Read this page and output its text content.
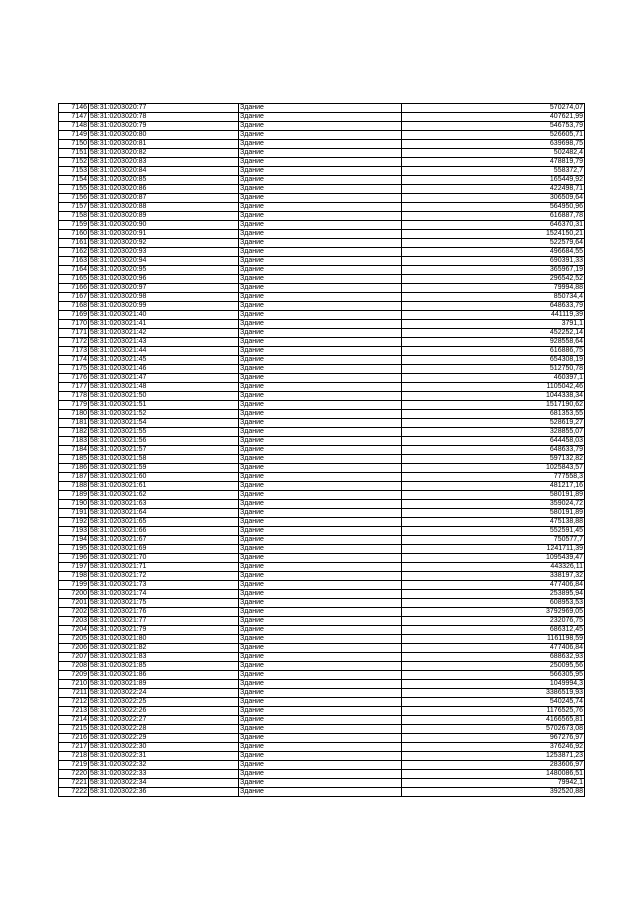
7146	58:31:0203020:77	Здание	570274,07
7147	58:31:0203020:78	Здание	407621,99
7148	58:31:0203020:79	Здание	546753,79
7149	58:31:0203020:80	Здание	526605,71
7150	58:31:0203020:81	Здание	639698,75
7151	58:31:0203020:82	Здание	502482,4
7152	58:31:0203020:83	Здание	478819,79
7153	58:31:0203020:84	Здание	558372,7
7154	58:31:0203020:85	Здание	165449,92
7155	58:31:0203020:86	Здание	422498,71
7156	58:31:0203020:87	Здание	306509,64
7157	58:31:0203020:88	Здание	564950,96
7158	58:31:0203020:89	Здание	616887,78
7159	58:31:0203020:90	Здание	646370,31
7160	58:31:0203020:91	Здание	1524150,21
7161	58:31:0203020:92	Здание	522579,64
7162	58:31:0203020:93	Здание	496684,55
7163	58:31:0203020:94	Здание	690391,33
7164	58:31:0203020:95	Здание	365967,19
7165	58:31:0203020:96	Здание	296542,52
7166	58:31:0203020:97	Здание	79994,88
7167	58:31:0203020:98	Здание	850734,4
7168	58:31:0203020:99	Здание	648633,79
7169	58:31:0203021:40	Здание	441119,39
7170	58:31:0203021:41	Здание	3791,1
7171	58:31:0203021:42	Здание	452252,14
7172	58:31:0203021:43	Здание	928558,64
7173	58:31:0203021:44	Здание	616886,75
7174	58:31:0203021:45	Здание	654308,19
7175	58:31:0203021:46	Здание	512750,78
7176	58:31:0203021:47	Здание	460397,1
7177	58:31:0203021:48	Здание	1105042,46
7178	58:31:0203021:50	Здание	1044338,34
7179	58:31:0203021:51	Здание	1517190,62
7180	58:31:0203021:52	Здание	681353,55
7181	58:31:0203021:54	Здание	528619,27
7182	58:31:0203021:55	Здание	328855,07
7183	58:31:0203021:56	Здание	644458,03
7184	58:31:0203021:57	Здание	648633,79
7185	58:31:0203021:58	Здание	597132,82
7186	58:31:0203021:59	Здание	1025843,57
7187	58:31:0203021:60	Здание	777558,3
7188	58:31:0203021:61	Здание	481217,16
7189	58:31:0203021:62	Здание	580191,89
7190	58:31:0203021:63	Здание	359024,72
7191	58:31:0203021:64	Здание	580191,89
7192	58:31:0203021:65	Здание	475138,88
7193	58:31:0203021:66	Здание	552591,45
7194	58:31:0203021:67	Здание	750577,7
7195	58:31:0203021:69	Здание	1241711,39
7196	58:31:0203021:70	Здание	1095439,47
7197	58:31:0203021:71	Здание	443326,11
7198	58:31:0203021:72	Здание	338197,32
7199	58:31:0203021:73	Здание	477406,84
7200	58:31:0203021:74	Здание	253895,94
7201	58:31:0203021:75	Здание	608953,53
7202	58:31:0203021:76	Здание	3792969,05
7203	58:31:0203021:77	Здание	232076,75
7204	58:31:0203021:79	Здание	686312,45
7205	58:31:0203021:80	Здание	1161198,59
7206	58:31:0203021:82	Здание	477406,84
7207	58:31:0203021:83	Здание	688632,93
7208	58:31:0203021:85	Здание	250095,56
7209	58:31:0203021:86	Здание	566305,95
7210	58:31:0203021:89	Здание	1049994,3
7211	58:31:0203022:24	Здание	3386519,93
7212	58:31:0203022:25	Здание	540245,74
7213	58:31:0203022:26	Здание	1176525,76
7214	58:31:0203022:27	Здание	4166565,81
7215	58:31:0203022:28	Здание	5702673,08
7216	58:31:0203022:29	Здание	967276,97
7217	58:31:0203022:30	Здание	376246,92
7218	58:31:0203022:31	Здание	1253871,23
7219	58:31:0203022:32	Здание	283606,97
7220	58:31:0203022:33	Здание	1480086,51
7221	58:31:0203022:34	Здание	79942,1
7222	58:31:0203022:36	Здание	392520,88
